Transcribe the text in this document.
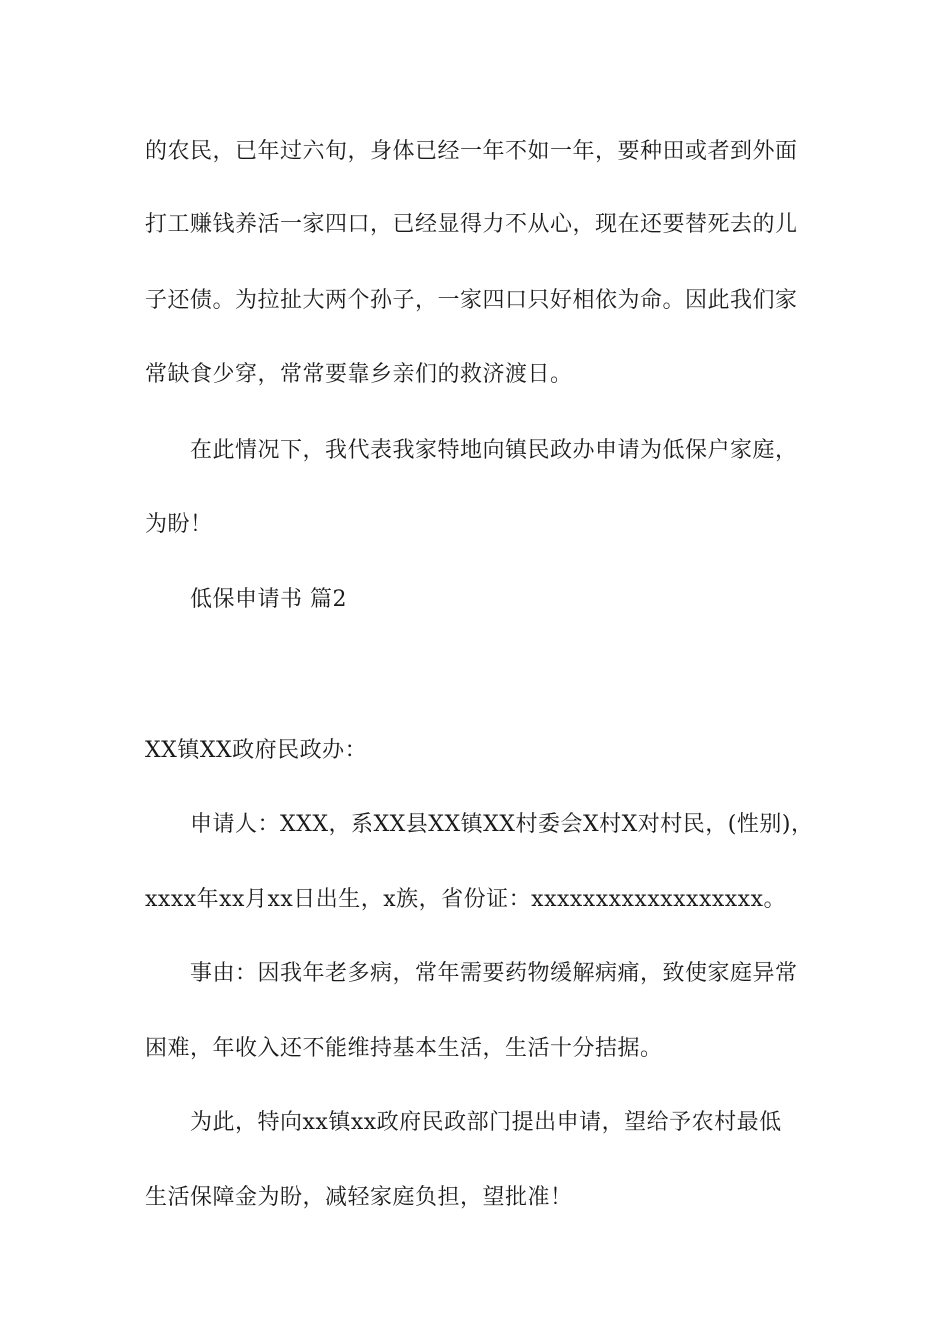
的农民，已年过六旬，身体已经一年不如一年，要种田或者到外面
打工赚钱养活一家四口，已经显得力不从心，现在还要替死去的儿
子还债。为拉扯大两个孙子，一家四口只好相依为命。因此我们家
常缺食少穿，常常要靠乡亲们的救济渡日。
在此情况下，我代表我家特地向镇民政办申请为低保户家庭，
为盼！
低保申请书 篇2
XX镇XX政府民政办：
申请人：XXX，系XX县XX镇XX村委会X村X对村民，(性别)，
xxxx年xx月xx日出生，x族，省份证：xxxxxxxxxxxxxxxxxx。
事由：因我年老多病，常年需要药物缓解病痛，致使家庭异常
困难，年收入还不能维持基本生活，生活十分拮据。
为此，特向xx镇xx政府民政部门提出申请，望给予农村最低
生活保障金为盼，减轻家庭负担，望批准！
